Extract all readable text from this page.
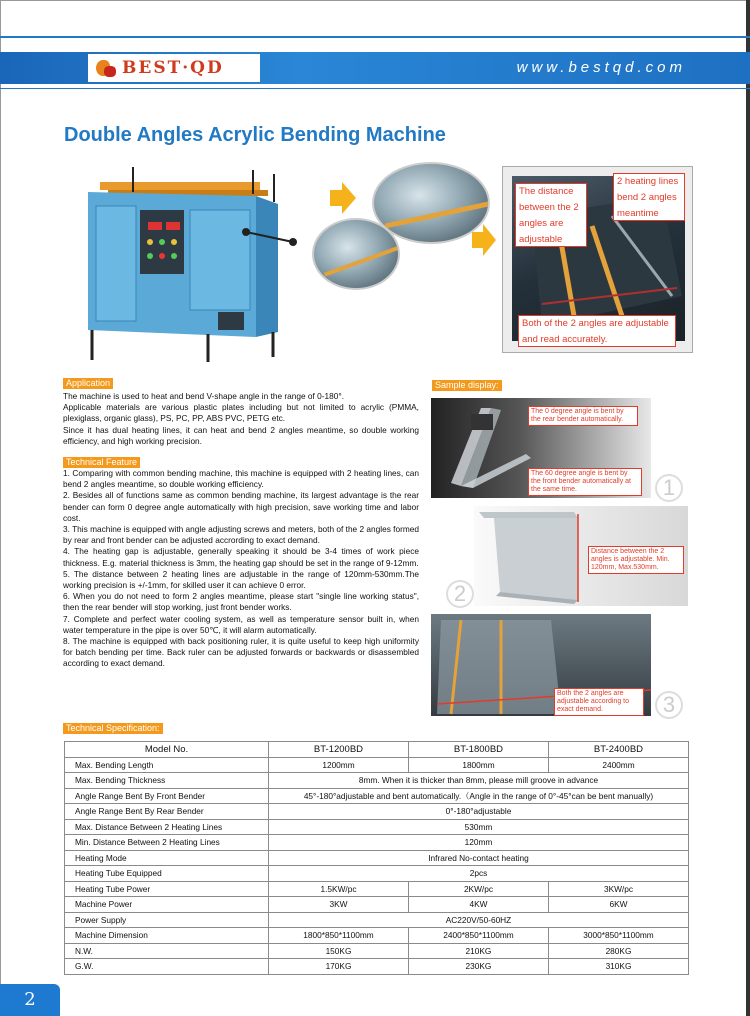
BEST·QD	www.bestqd.com
Double Angles Acrylic Bending Machine
The distance between the 2 angles are adjustable
2 heating lines bend 2 angles meantime
Both of the 2 angles are adjustable and read accurately.
Application

The machine is used to heat and bend V-shape angle in the range of 0-180°.

Applicable materials are various plastic plates including but not limited to acrylic (PMMA, plexiglass, organic glass), PS, PC, PP, ABS PVC, PETG etc.

Since it has dual heating lines, it can heat and bend 2 angles meantime, so double working efficiency, and high working precision.

Technical Feature

1. Comparing with common bending machine, this machine is equipped with 2 heating lines, can bend 2 angles meantime, so double working efficiency.

2. Besides all of functions same as common bending machine, its largest advantage is the rear bender can form 0 degree angle automatically with high precision, save working time and labor cost.

3. This machine is equipped with angle adjusting screws and meters, both of the 2 angles formed by rear and front bender can be adjusted accrording to exact demand.

4. The heating gap is adjustable, generally speaking it should be 3-4 times of work piece thickness. E.g. material thickness is 3mm, the heating gap should be set in the range of 9-12mm.

5. The distance between 2 heating lines are adjustable in the range of 120mm-530mm.The working precision is +/-1mm, for skilled user it can achieve 0 error.

6. When you do not need to form 2 angles meantime, please start "single line working status", then the rear bender will stop working, just front bender works.

7. Complete and perfect water cooling system, as well as temperature sensor built in, when water temperature in the pipe is over 50℃, it will alarm automatically.

8. The machine is equipped with back positioning ruler, it is quite useful to keep high uniformity for batch bending per time. Back ruler can be adjusted forwards or backwards or disassembled according to exact demand.

Sample display:
The 0 degree angle is bent by the rear bender automatically.
The 60 degree angle is bent by the front bender automatically at the same time.	1
Distance between the 2 angles is adjustable. Min. 120mm, Max.530mm.
2
Both the 2 angles are adjustable according to exact demand.	3
Technical Specification:
Model No.	BT-1200BD	BT-1800BD	BT-2400BD
Max. Bending Length	1200mm	1800mm	2400mm
Max. Bending Thickness	8mm. When it is thicker than 8mm, please mill groove in advance		
Angle Range Bent By Front Bender	45°-180°adjustable and bent automatically.（Angle in the range of 0°-45°can be bent manually)		
Angle Range Bent By Rear Bender	0°-180°adjustable		
Max. Distance Between 2 Heating Lines	530mm		
Min. Distance Between 2 Heating Lines	120mm		
Heating Mode	Infrared No-contact heating		
Heating Tube Equipped	2pcs		
Heating Tube Power	1.5KW/pc	2KW/pc	3KW/pc
Machine Power	3KW	4KW	6KW
Power Supply	AC220V/50-60HZ		
Machine Dimension	1800*850*1100mm	2400*850*1100mm	3000*850*1100mm
N.W.	150KG	210KG	280KG
G.W.	170KG	230KG	310KG
2
